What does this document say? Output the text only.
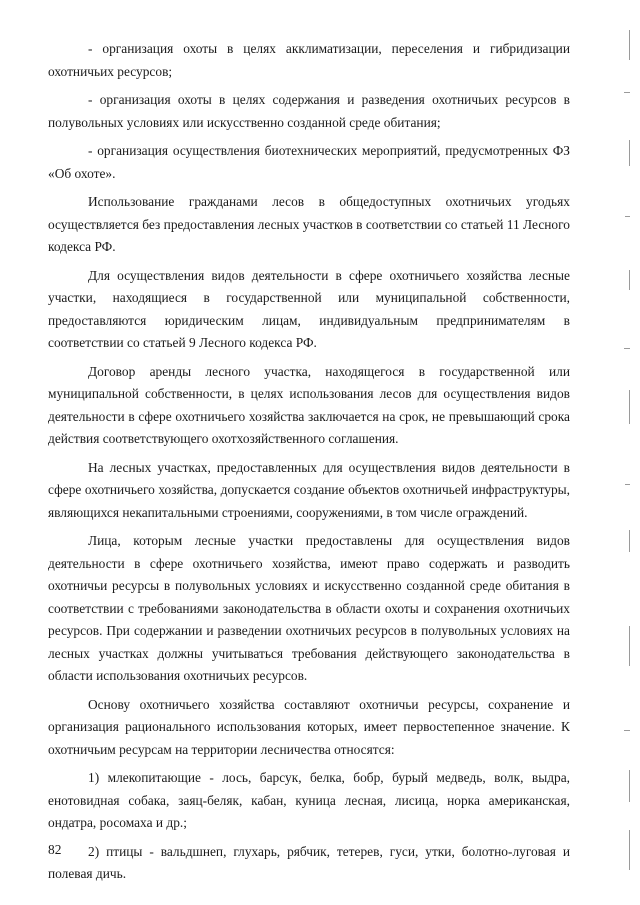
- организация охоты в целях акклиматизации, переселения и гибридизации охотничьих ресурсов;

- организация охоты в целях содержания и разведения охотничьих ресурсов в полувольных условиях или искусственно созданной среде обитания;

- организация осуществления биотехнических мероприятий, предусмотренных ФЗ «Об охоте».

Использование гражданами лесов в общедоступных охотничьих угодьях осуществляется без предоставления лесных участков в соответствии со статьей 11 Лесного кодекса РФ.

Для осуществления видов деятельности в сфере охотничьего хозяйства лесные участки, находящиеся в государственной или муниципальной собственности, предоставляются юридическим лицам, индивидуальным предпринимателям в соответствии со статьей 9 Лесного кодекса РФ.

Договор аренды лесного участка, находящегося в государственной или муниципальной собственности, в целях использования лесов для осуществления видов деятельности в сфере охотничьего хозяйства заключается на срок, не превышающий срока действия соответствующего охотхозяйственного соглашения.

На лесных участках, предоставленных для осуществления видов деятельности в сфере охотничьего хозяйства, допускается создание объектов охотничьей инфраструктуры, являющихся некапитальными строениями, сооружениями, в том числе ограждений.

Лица, которым лесные участки предоставлены для осуществления видов деятельности в сфере охотничьего хозяйства, имеют право содержать и разводить охотничьи ресурсы в полувольных условиях и искусственно созданной среде обитания в соответствии с требованиями законодательства в области охоты и сохранения охотничьих ресурсов. При содержании и разведении охотничьих ресурсов в полувольных условиях на лесных участках должны учитываться требования действующего законодательства в области использования охотничьих ресурсов.

Основу охотничьего хозяйства составляют охотничьи ресурсы, сохранение и организация рационального использования которых, имеет первостепенное значение. К охотничьим ресурсам на территории лесничества относятся:

1) млекопитающие - лось, барсук, белка, бобр, бурый медведь, волк, выдра, енотовидная собака, заяц-беляк, кабан, куница лесная, лисица, норка американская, ондатра, росомаха и др.;

2) птицы - вальдшнеп, глухарь, рябчик, тетерев, гуси, утки, болотно-луговая и полевая дичь.

82
